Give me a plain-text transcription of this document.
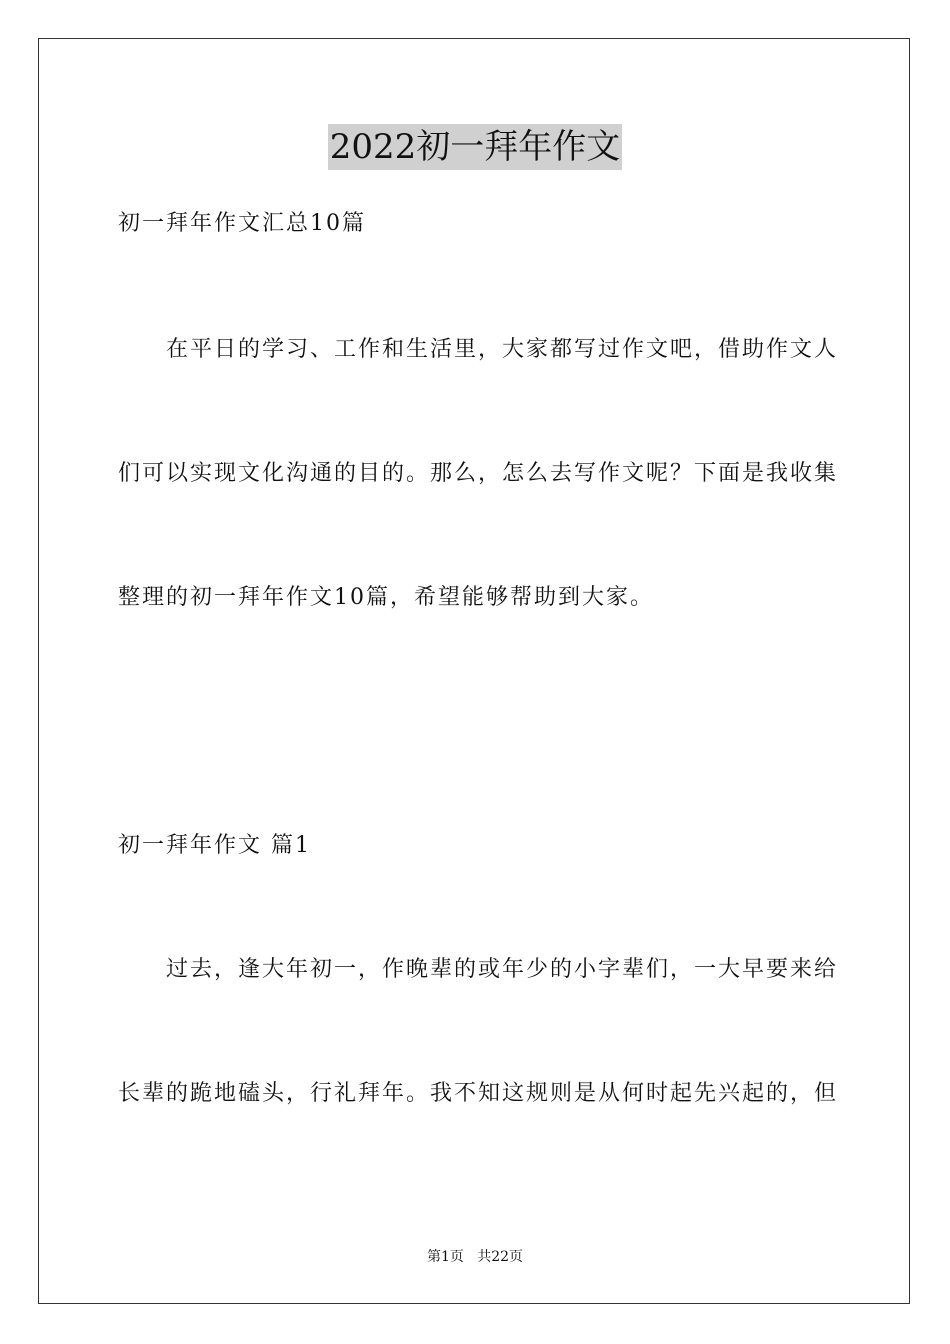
2022初一拜年作文
初一拜年作文汇总10篇
在平日的学习、工作和生活里，大家都写过作文吧，借助作文人
们可以实现文化沟通的目的。那么，怎么去写作文呢？下面是我收集
整理的初一拜年作文10篇，希望能够帮助到大家。
初一拜年作文 篇1
过去，逢大年初一，作晚辈的或年少的小字辈们，一大早要来给
长辈的跪地磕头，行礼拜年。我不知这规则是从何时起先兴起的，但
第1页   共22页
